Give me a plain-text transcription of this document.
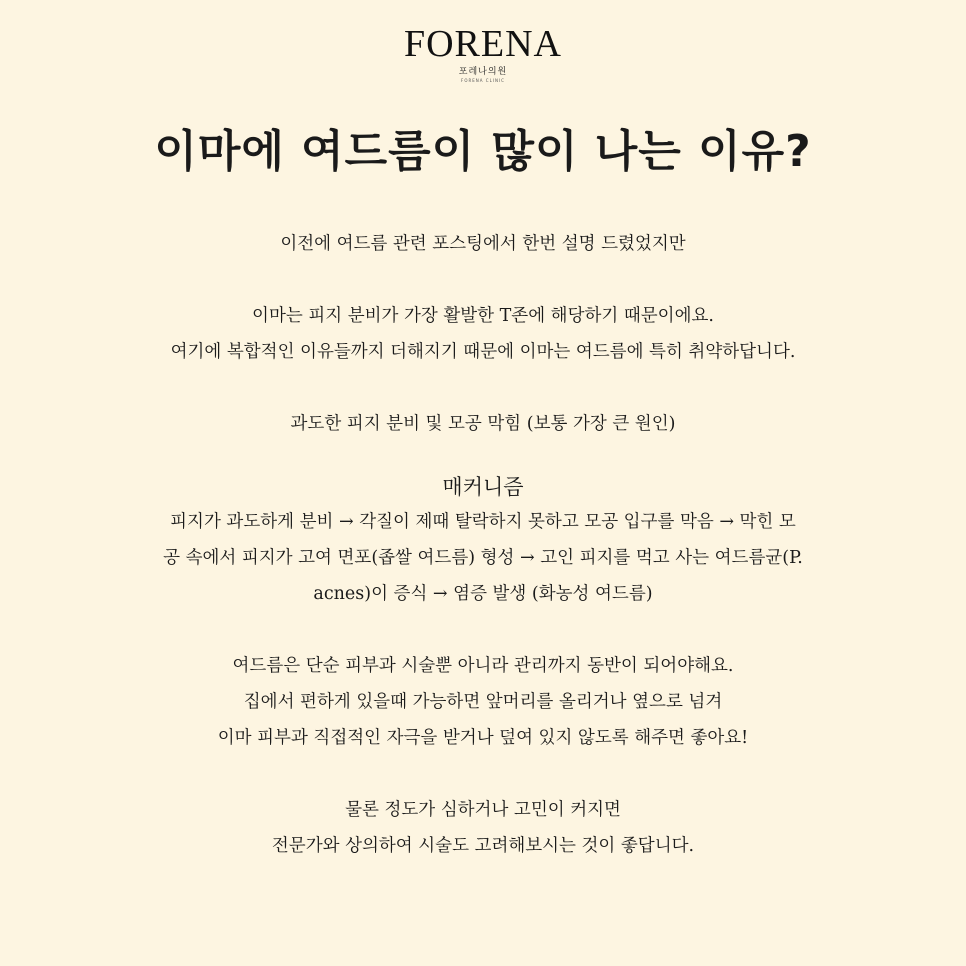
FORENA
포레나의원
FORENA CLINIC
이마에 여드름이 많이 나는 이유?

이전에 여드름 관련 포스팅에서 한번 설명 드렸었지만

이마는 피지 분비가 가장 활발한 T존에 해당하기 때문이에요.

여기에 복합적인 이유들까지 더해지기 때문에 이마는 여드름에 특히 취약하답니다.

과도한 피지 분비 및 모공 막힘 (보통 가장 큰 원인)

매커니즘

피지가 과도하게 분비 → 각질이 제때 탈락하지 못하고 모공 입구를 막음 → 막힌 모

공 속에서 피지가 고여 면포(좁쌀 여드름) 형성 → 고인 피지를 먹고 사는 여드름균(P.

acnes)이 증식 → 염증 발생 (화농성 여드름)

여드름은 단순 피부과 시술뿐 아니라 관리까지 동반이 되어야해요.

집에서 편하게 있을때 가능하면 앞머리를 올리거나 옆으로 넘겨

이마 피부과 직접적인 자극을 받거나 덮여 있지 않도록 해주면 좋아요!

물론 정도가 심하거나 고민이 커지면

전문가와 상의하여 시술도 고려해보시는 것이 좋답니다.
